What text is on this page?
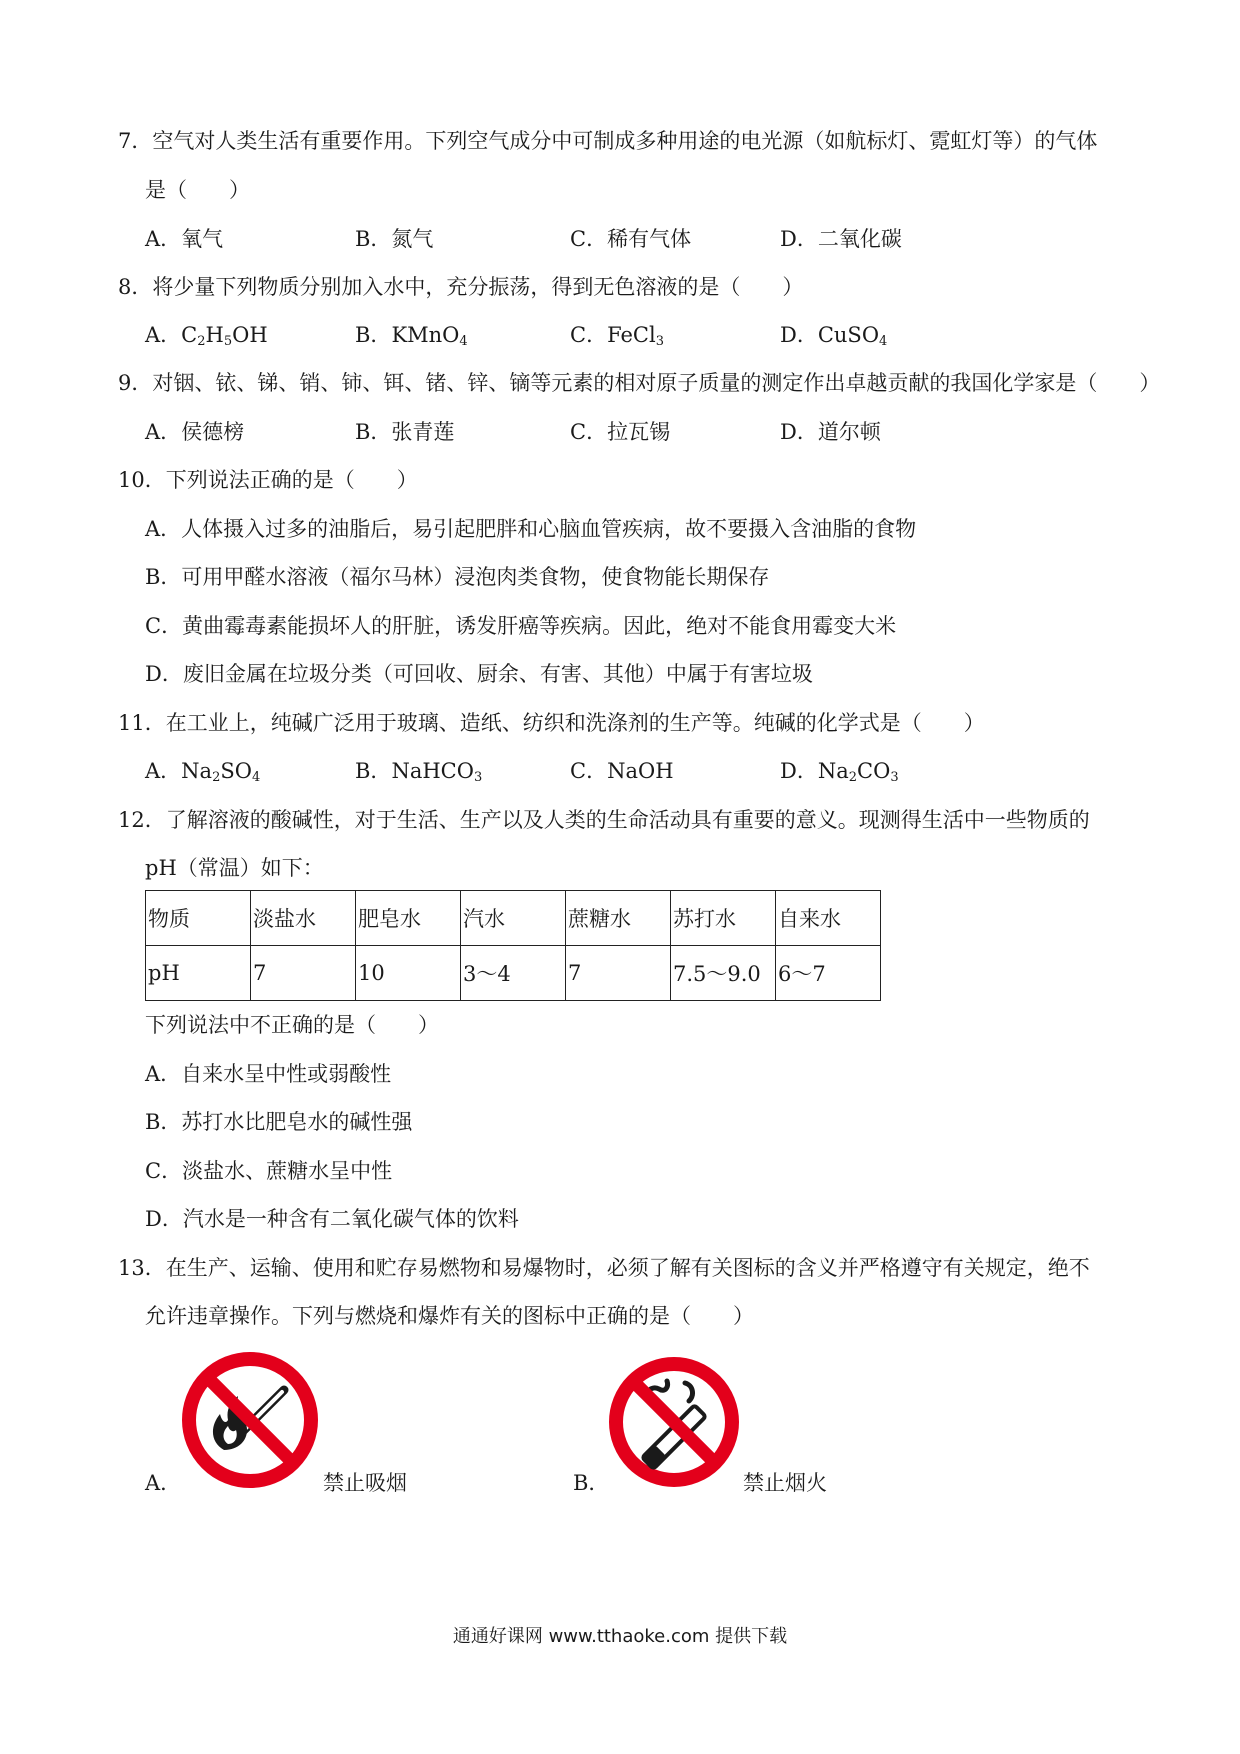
7．空气对人类生活有重要作用。下列空气成分中可制成多种用途的电光源（如航标灯、霓虹灯等）的气体
是（　　）
A．氧气	B．氮气	C．稀有气体	D．二氧化碳
8．将少量下列物质分别加入水中，充分振荡，得到无色溶液的是（　　）
A．$C_2H_5OH$	B．KMnO$_4$	C．FeCl$_3$	D．CuSO$_4$
9．对铟、铱、锑、销、铈、铒、锗、锌、镝等元素的相对原子质量的测定作出卓越贡献的我国化学家是（　　）
A．侯德榜	B．张青莲	C．拉瓦锡	D．道尔顿
10．下列说法正确的是（　　）
A．人体摄入过多的油脂后，易引起肥胖和心脑血管疾病，故不要摄入含油脂的食物
B．可用甲醛水溶液（福尔马林）浸泡肉类食物，使食物能长期保存
C．黄曲霉毒素能损坏人的肝脏，诱发肝癌等疾病。因此，绝对不能食用霉变大米
D．废旧金属在垃圾分类（可回收、厨余、有害、其他）中属于有害垃圾
11．在工业上，纯碱广泛用于玻璃、造纸、纺织和洗涤剂的生产等。纯碱的化学式是（　　）
A．$Na_2SO_4$	B．NaHCO$_3$	C．NaOH	D．$Na_2CO_3$
12．了解溶液的酸碱性，对于生活、生产以及人类的生命活动具有重要的意义。现测得生活中一些物质的
pH（常温）如下：
物质	淡盐水	肥皂水	汽水	蔗糖水	苏打水	自来水
pH	7	10	3～4	7	7.5～9.0	6～7
下列说法中不正确的是（　　）
A．自来水呈中性或弱酸性
B．苏打水比肥皂水的碱性强
C．淡盐水、蔗糖水呈中性
D．汽水是一种含有二氧化碳气体的饮料
13．在生产、运输、使用和贮存易燃物和易爆物时，必须了解有关图标的含义并严格遵守有关规定，绝不
允许违章操作。下列与燃烧和爆炸有关的图标中正确的是（　　）
A．	禁止吸烟	B．	禁止烟火
通通好课网 www.tthaoke.com 提供下载
